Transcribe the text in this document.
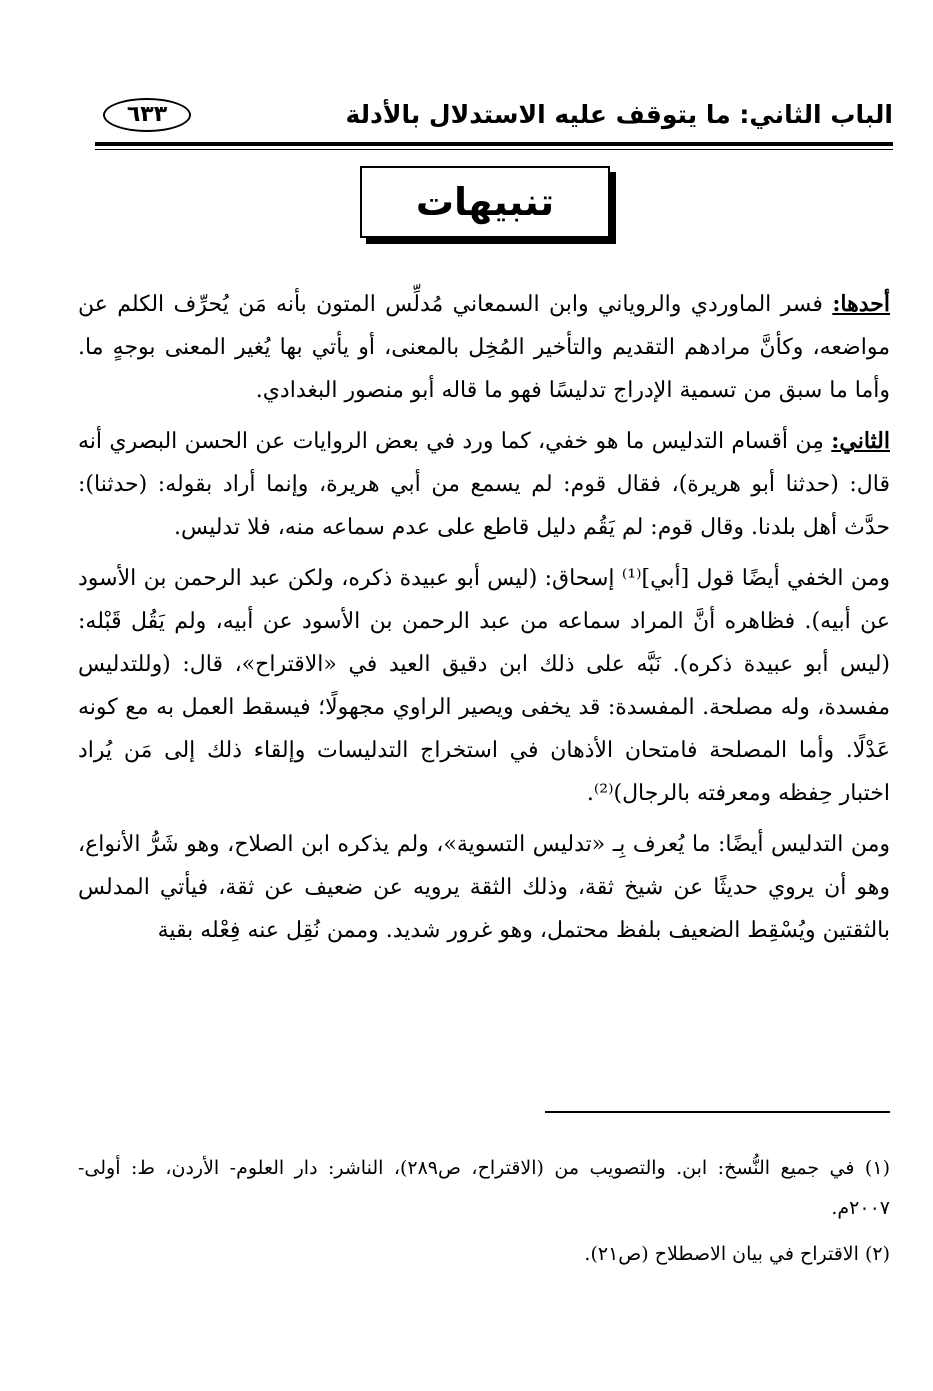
الباب الثاني: ما يتوقف عليه الاستدلال بالأدلة
٦٣٣
تنبيهات

أحدها: فسر الماوردي والروياني وابن السمعاني مُدلِّس المتون بأنه مَن يُحرِّف الكلم عن مواضعه، وكأنَّ مرادهم التقديم والتأخير المُخِل بالمعنى، أو يأتي بها يُغير المعنى بوجهٍ ما. وأما ما سبق من تسمية الإدراج تدليسًا فهو ما قاله أبو منصور البغدادي.

الثاني: مِن أقسام التدليس ما هو خفي، كما ورد في بعض الروايات عن الحسن البصري أنه قال: (حدثنا أبو هريرة)، فقال قوم: لم يسمع من أبي هريرة، وإنما أراد بقوله: (حدثنا): حدَّث أهل بلدنا. وقال قوم: لم يَقُم دليل قاطع على عدم سماعه منه، فلا تدليس.

ومن الخفي أيضًا قول [أبي]⁽¹⁾ إسحاق: (ليس أبو عبيدة ذكره، ولكن عبد الرحمن بن الأسود عن أبيه). فظاهره أنَّ المراد سماعه من عبد الرحمن بن الأسود عن أبيه، ولم يَقُل قَبْله: (ليس أبو عبيدة ذكره). نَبَّه على ذلك ابن دقيق العيد في «الاقتراح»، قال: (وللتدليس مفسدة، وله مصلحة. المفسدة: قد يخفى ويصير الراوي مجهولًا؛ فيسقط العمل به مع كونه عَدْلًا. وأما المصلحة فامتحان الأذهان في استخراج التدليسات وإلقاء ذلك إلى مَن يُراد اختبار حِفظه ومعرفته بالرجال)⁽²⁾.

ومن التدليس أيضًا: ما يُعرف بِـ «تدليس التسوية»، ولم يذكره ابن الصلاح، وهو شَرُّ الأنواع، وهو أن يروي حديثًا عن شيخ ثقة، وذلك الثقة يرويه عن ضعيف عن ثقة، فيأتي المدلس بالثقتين ويُسْقِط الضعيف بلفظ محتمل، وهو غرور شديد. وممن نُقِل عنه فِعْله بقية

(١) في جميع النُّسخ: ابن. والتصويب من (الاقتراح، ص٢٨٩)، الناشر: دار العلوم- الأردن، ط: أولى- ٢٠٠٧م.

(٢) الاقتراح في بيان الاصطلاح (ص٢١).
